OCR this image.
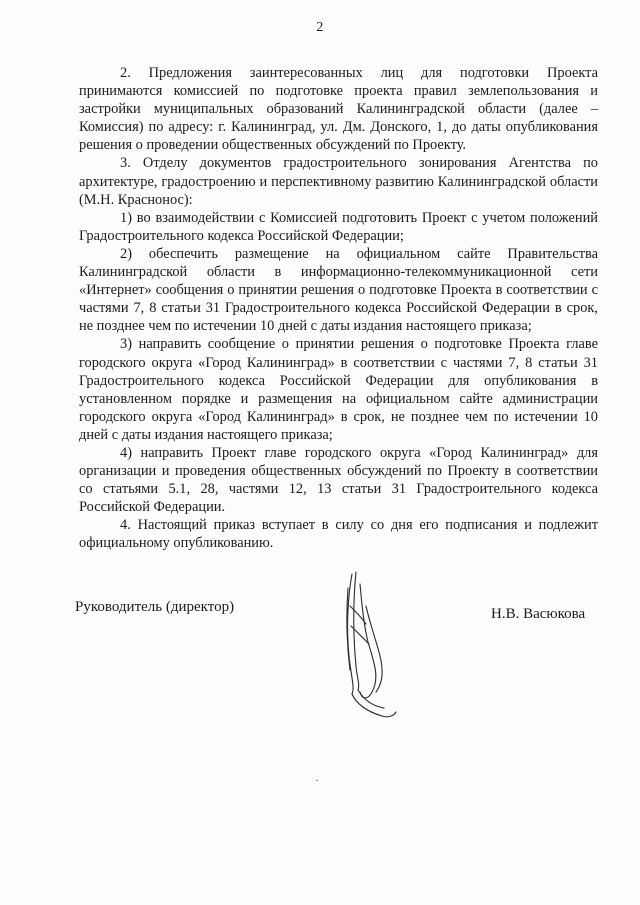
2

2. Предложения заинтересованных лиц для подготовки Проекта принимаются комиссией по подготовке проекта правил землепользования и застройки муниципальных образований Калининградской области (далее – Комиссия) по адресу: г. Калининград, ул. Дм. Донского, 1, до даты опубликования решения о проведении общественных обсуждений по Проекту.

3. Отделу документов градостроительного зонирования Агентства по архитектуре, градостроению и перспективному развитию Калининградской области (М.Н. Краснонос):

1) во взаимодействии с Комиссией подготовить Проект с учетом положений Градостроительного кодекса Российской Федерации;

2) обеспечить размещение на официальном сайте Правительства Калининградской области в информационно-телекоммуникационной сети «Интернет» сообщения о принятии решения о подготовке Проекта в соответствии с частями 7, 8 статьи 31 Градостроительного кодекса Российской Федерации в срок, не позднее чем по истечении 10 дней с даты издания настоящего приказа;

3) направить сообщение о принятии решения о подготовке Проекта главе городского округа «Город Калининград» в соответствии с частями 7, 8 статьи 31 Градостроительного кодекса Российской Федерации для опубликования в установленном порядке и размещения на официальном сайте администрации городского округа «Город Калининград» в срок, не позднее чем по истечении 10 дней с даты издания настоящего приказа;

4) направить Проект главе городского округа «Город Калининград» для организации и проведения общественных обсуждений по Проекту в соответствии со статьями 5.1, 28, частями 12, 13 статьи 31 Градостроительного кодекса Российской Федерации.

4. Настоящий приказ вступает в силу со дня его подписания и подлежит официальному опубликованию.

Руководитель (директор)	Н.В. Васюкова
